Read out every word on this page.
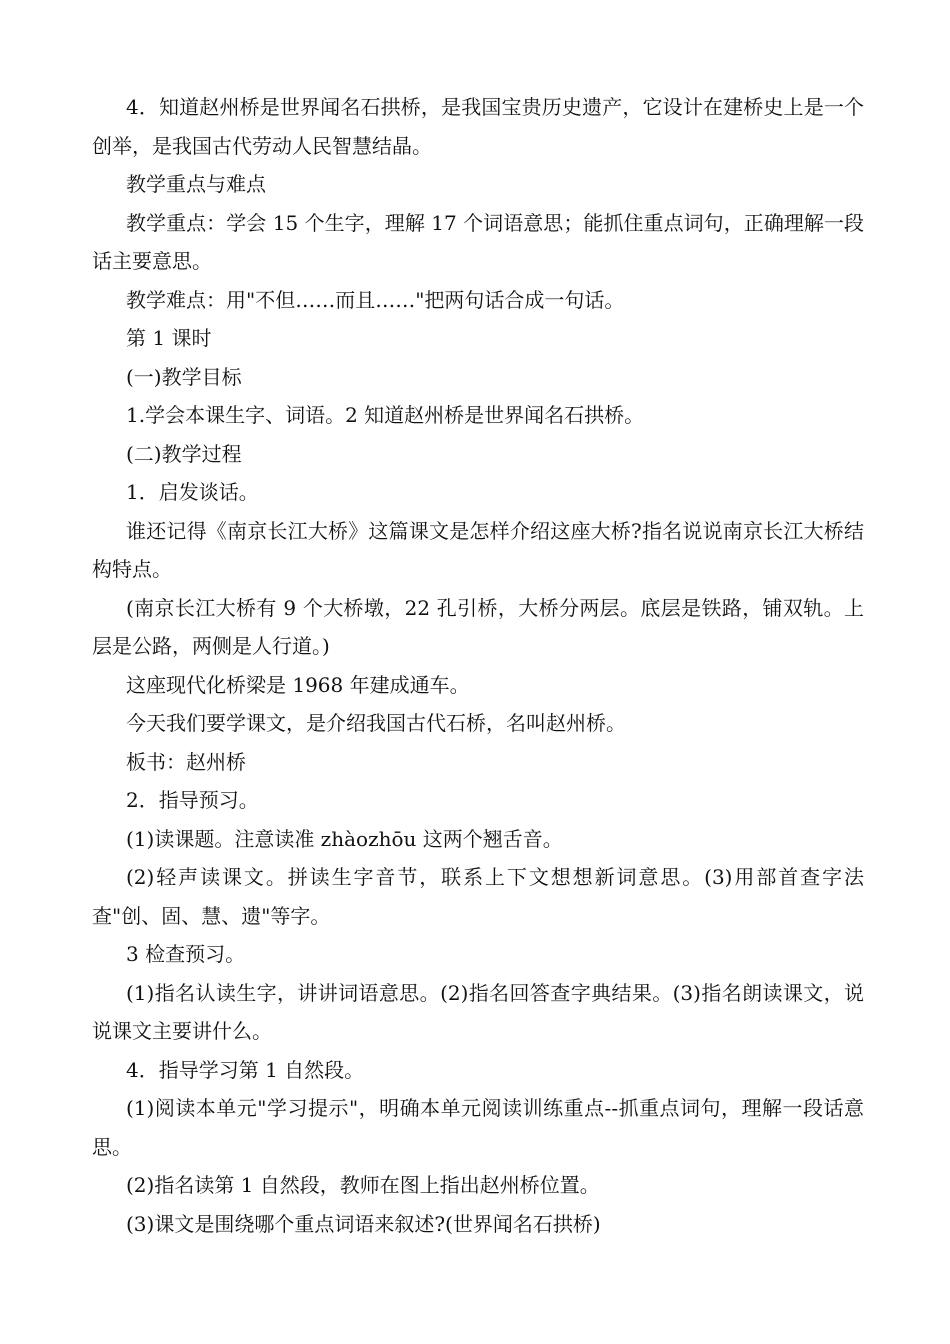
4．知道赵州桥是世界闻名石拱桥，是我国宝贵历史遗产，它设计在建桥史上是一个创举，是我国古代劳动人民智慧结晶。

教学重点与难点

教学重点：学会 15 个生字，理解 17 个词语意思；能抓住重点词句，正确理解一段话主要意思。

教学难点：用"不但……而且……"把两句话合成一句话。

第 1 课时

(一)教学目标

1.学会本课生字、词语。2 知道赵州桥是世界闻名石拱桥。

(二)教学过程

1．启发谈话。

谁还记得《南京长江大桥》这篇课文是怎样介绍这座大桥?指名说说南京长江大桥结构特点。

(南京长江大桥有 9 个大桥墩，22 孔引桥，大桥分两层。底层是铁路，铺双轨。上层是公路，两侧是人行道。)

这座现代化桥梁是 1968 年建成通车。

今天我们要学课文，是介绍我国古代石桥，名叫赵州桥。

板书：赵州桥

2．指导预习。

(1)读课题。注意读准 zhàozhōu 这两个翘舌音。

(2)轻声读课文。拼读生字音节，联系上下文想想新词意思。(3)用部首查字法查"创、固、慧、遗"等字。

3 检查预习。

(1)指名认读生字，讲讲词语意思。(2)指名回答查字典结果。(3)指名朗读课文，说说课文主要讲什么。

4．指导学习第 1 自然段。

(1)阅读本单元"学习提示"，明确本单元阅读训练重点--抓重点词句，理解一段话意思。

(2)指名读第 1 自然段，教师在图上指出赵州桥位置。

(3)课文是围绕哪个重点词语来叙述?(世界闻名石拱桥)
